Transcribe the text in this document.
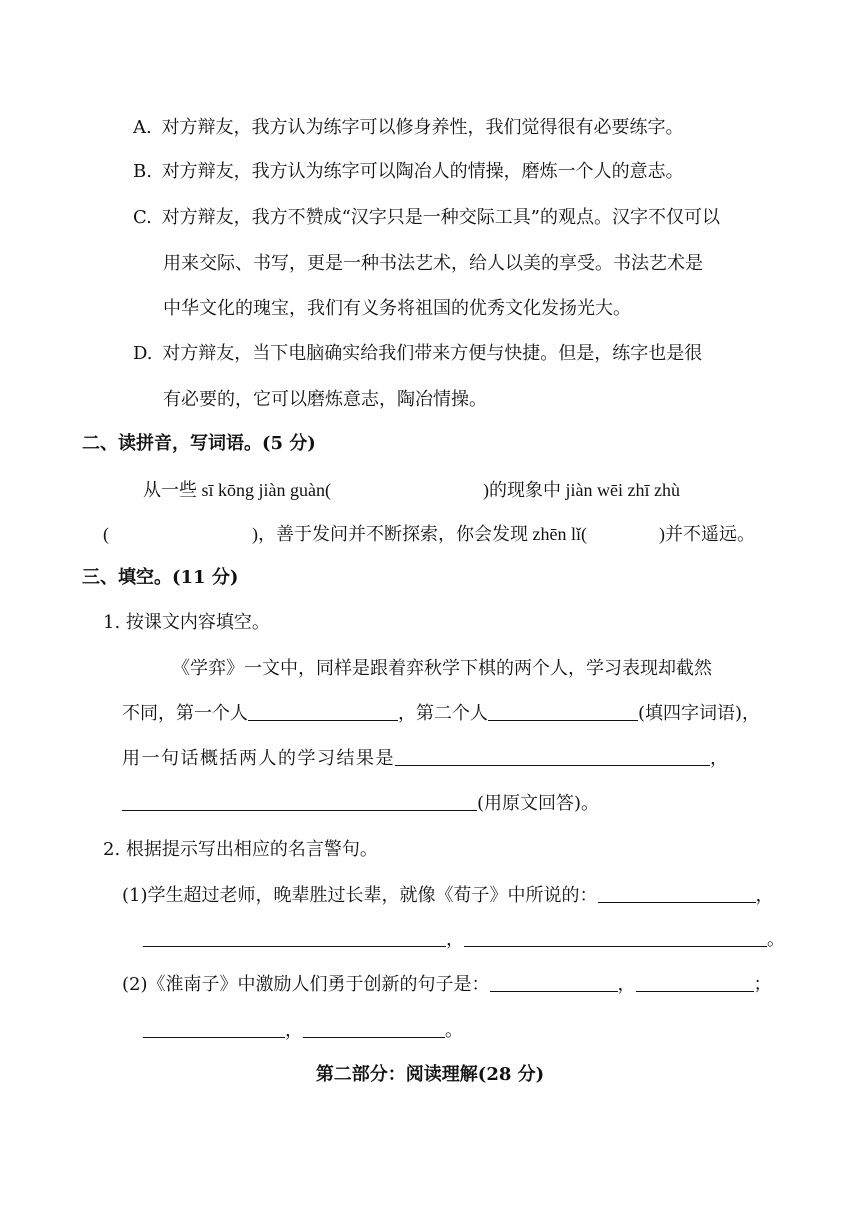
A. 对方辩友，我方认为练字可以修身养性，我们觉得很有必要练字。
B. 对方辩友，我方认为练字可以陶冶人的情操，磨炼一个人的意志。
C. 对方辩友，我方不赞成“汉字只是一种交际工具”的观点。汉字不仅可以
用来交际、书写，更是一种书法艺术，给人以美的享受。书法艺术是
中华文化的瑰宝，我们有义务将祖国的优秀文化发扬光大。
D. 对方辩友，当下电脑确实给我们带来方便与快捷。但是，练字也是很
有必要的，它可以磨炼意志，陶冶情操。
二、读拼音，写词语。(5 分)
从一些 sī kōng jiàn guàn(	)的现象中 jiàn wēi zhī zhù
(	)，善于发问并不断探索，你会发现 zhēn lǐ(	)并不遥远。
三、填空。(11 分)
1. 按课文内容填空。
《学弈》一文中，同样是跟着弈秋学下棋的两个人，学习表现却截然
不同，第一个人	，第二个人	(填四字词语)，
用一句话概括两人的学习结果是	，
(用原文回答)。
2. 根据提示写出相应的名言警句。
(1)学生超过老师，晚辈胜过长辈，就像《荀子》中所说的：	，
，	。
(2)《淮南子》中激励人们勇于创新的句子是：	，	；
，	。
第二部分：阅读理解(28 分)
